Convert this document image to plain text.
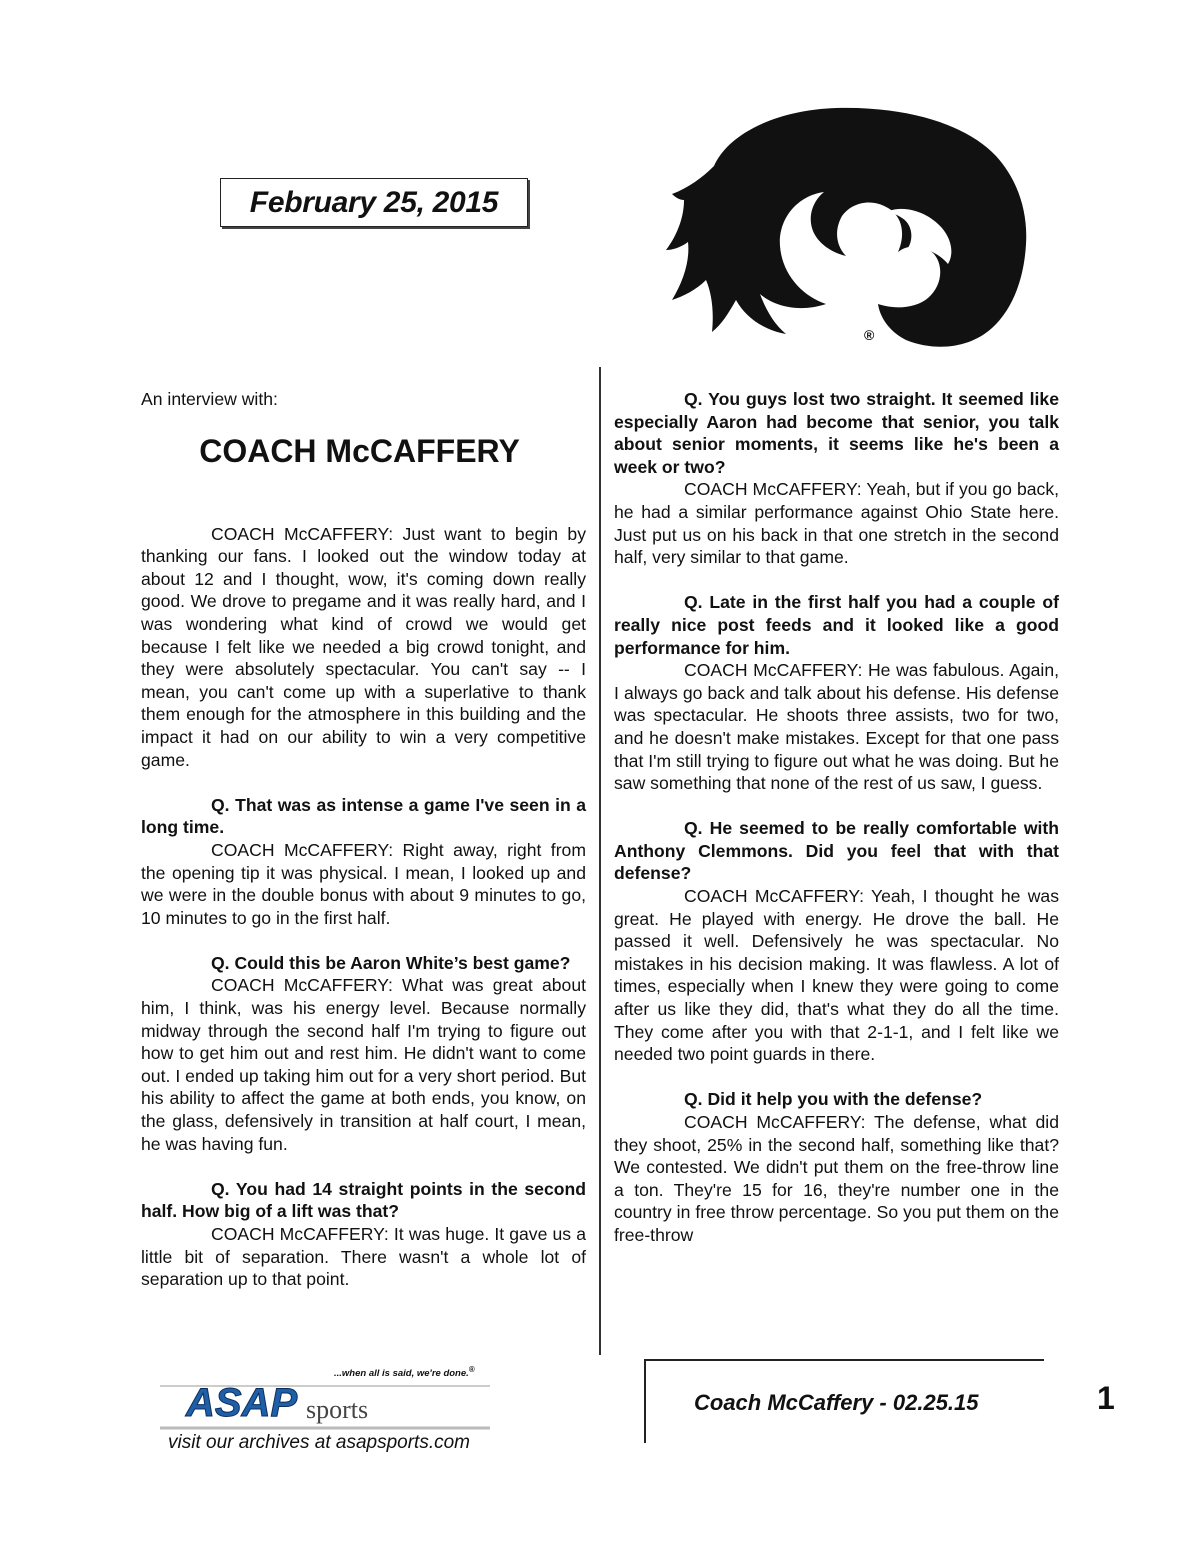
February 25, 2015
®
An interview with:
COACH McCAFFERY

COACH McCAFFERY: Just want to begin by thanking our fans. I looked out the window today at about 12 and I thought, wow, it's coming down really good. We drove to pregame and it was really hard, and I was wondering what kind of crowd we would get because I felt like we needed a big crowd tonight, and they were absolutely spectacular. You can't say -- I mean, you can't come up with a superlative to thank them enough for the atmosphere in this building and the impact it had on our ability to win a very competitive game.

Q. That was as intense a game I've seen in a long time.

COACH McCAFFERY: Right away, right from the opening tip it was physical. I mean, I looked up and we were in the double bonus with about 9 minutes to go, 10 minutes to go in the first half.

Q. Could this be Aaron White’s best game?

COACH McCAFFERY: What was great about him, I think, was his energy level. Because normally midway through the second half I'm trying to figure out how to get him out and rest him. He didn't want to come out. I ended up taking him out for a very short period. But his ability to affect the game at both ends, you know, on the glass, defensively in transition at half court, I mean, he was having fun.

Q. You had 14 straight points in the second half. How big of a lift was that?

COACH McCAFFERY: It was huge. It gave us a little bit of separation. There wasn't a whole lot of separation up to that point.

Q. You guys lost two straight. It seemed like especially Aaron had become that senior, you talk about senior moments, it seems like he's been a week or two?

COACH McCAFFERY: Yeah, but if you go back, he had a similar performance against Ohio State here. Just put us on his back in that one stretch in the second half, very similar to that game.

Q. Late in the first half you had a couple of really nice post feeds and it looked like a good performance for him.

COACH McCAFFERY: He was fabulous. Again, I always go back and talk about his defense. His defense was spectacular. He shoots three assists, two for two, and he doesn't make mistakes. Except for that one pass that I'm still trying to figure out what he was doing. But he saw something that none of the rest of us saw, I guess.

Q. He seemed to be really comfortable with Anthony Clemmons. Did you feel that with that defense?

COACH McCAFFERY: Yeah, I thought he was great. He played with energy. He drove the ball. He passed it well. Defensively he was spectacular. No mistakes in his decision making. It was flawless. A lot of times, especially when I knew they were going to come after us like they did, that's what they do all the time. They come after you with that 2-1-1, and I felt like we needed two point guards in there.

Q. Did it help you with the defense?

COACH McCAFFERY: The defense, what did they shoot, 25% in the second half, something like that? We contested. We didn't put them on the free-throw line a ton. They're 15 for 16, they're number one in the country in free throw percentage. So you put them on the free-throw

...when all is said, we're done.®
ASAP sports
visit our archives at asapsports.com
Coach McCaffery - 02.25.15	1
